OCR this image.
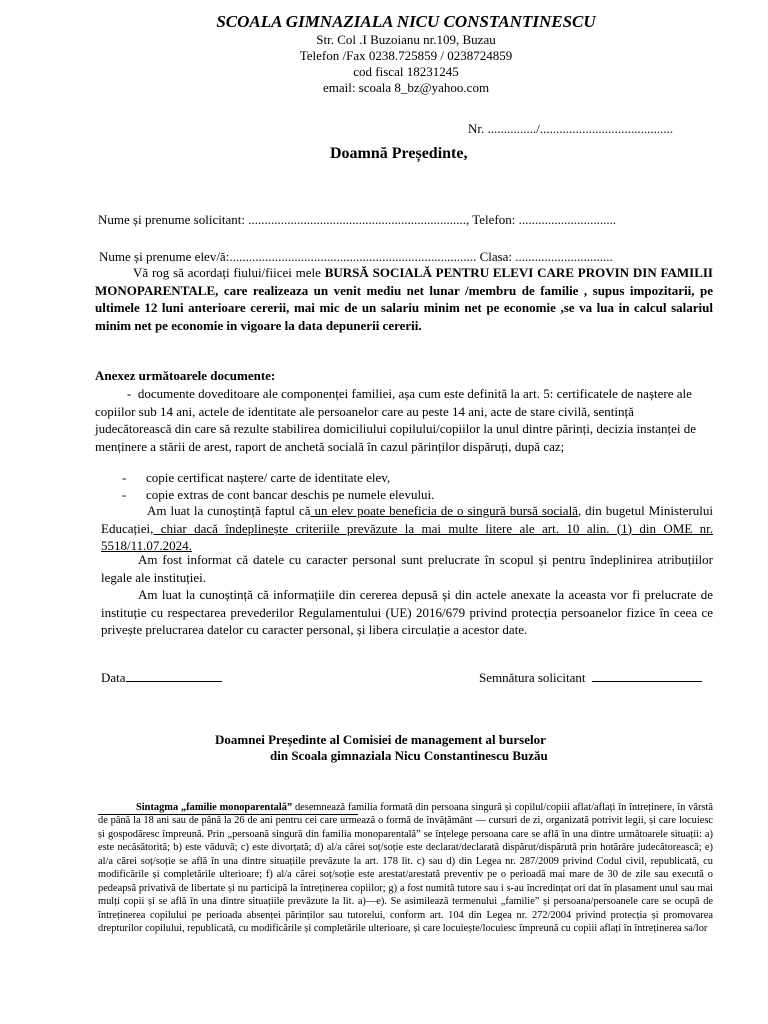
SCOALA GIMNAZIALA NICU CONSTANTINESCU
Str. Col .I Buzoianu nr.109, Buzau
Telefon /Fax 0238.725859 / 0238724859
cod fiscal 18231245
email: scoala 8_bz@yahoo.com
Nr. .............../.........................................
Doamnă Președinte,
Nume și prenume solicitant: ..................................................................., Telefon: ..............................
Nume și prenume elev/ă:............................................................................ Clasa: ..............................
Vă rog să acordați fiului/fiicei mele BURSĂ SOCIALĂ PENTRU ELEVI CARE PROVIN DIN FAMILII MONOPARENTALE, care realizeaza un venit mediu net lunar /membru de familie , supus impozitarii, pe ultimele 12 luni anterioare cererii, mai mic de un salariu minim net pe economie ,se va lua in calcul salariul minim net pe economie in vigoare la data depunerii cererii.
Anexez următoarele documente:
- documente doveditoare ale componenței familiei, așa cum este definită la art. 5: certificatele de naștere ale copiilor sub 14 ani, actele de identitate ale persoanelor care au peste 14 ani, acte de stare civilă, sentință judecătorească din care să rezulte stabilirea domiciliului copilului/copiilor la unul dintre părinți, decizia instanței de menținere a stării de arest, raport de anchetă socială în cazul părinților dispăruți, după caz;
- copie certificat naștere/ carte de identitate elev,
- copie extras de cont bancar deschis pe numele elevului.
Am luat la cunoștință faptul că un elev poate beneficia de o singură bursă socială, din bugetul Ministerului Educației, chiar dacă îndeplinește criteriile prevăzute la mai multe litere ale art. 10 alin. (1) din OME nr. 5518/11.07.2024.
Am fost informat că datele cu caracter personal sunt prelucrate în scopul și pentru îndeplinirea atribuțiilor legale ale instituției.
Am luat la cunoștință că informațiile din cererea depusă și din actele anexate la aceasta vor fi prelucrate de instituție cu respectarea prevederilor Regulamentului (UE) 2016/679 privind protecția persoanelor fizice în ceea ce privește prelucrarea datelor cu caracter personal, și libera circulație a acestor date.
Data	Semnătura solicitant
Doamnei Președinte al Comisiei de management al burselor
din Scoala gimnaziala Nicu Constantinescu Buzău
Sintagma „familie monoparentală” desemnează familia formată din persoana singură și copilul/copiii aflat/aflați în întreținere, în vârstă de până la 18 ani sau de până la 26 de ani pentru cei care urmează o formă de învățământ — cursuri de zi, organizată potrivit legii, și care locuiesc și gospodăresc împreună. Prin „persoană singură din familia monoparentală” se înțelege persoana care se află în una dintre următoarele situații: a) este necăsătorită; b) este văduvă; c) este divorțată; d) al/a cărei soț/soție este declarat/declarată dispărut/dispărută prin hotărâre judecătorească; e) al/a cărei soț/soție se află în una dintre situațiile prevăzute la art. 178 lit. c) sau d) din Legea nr. 287/2009 privind Codul civil, republicată, cu modificările și completările ulterioare; f) al/a cărei soț/soție este arestat/arestată preventiv pe o perioadă mai mare de 30 de zile sau execută o pedeapsă privativă de libertate și nu participă la întreținerea copiilor; g) a fost numită tutore sau i s-au încredințat ori dat în plasament unul sau mai mulți copii și se află în una dintre situațiile prevăzute la lit. a)—e). Se asimilează termenului „familie” și persoana/persoanele care se ocupă de întreținerea copilului pe perioada absenței părinților sau tutorelui, conform art. 104 din Legea nr. 272/2004 privind protecția și promovarea drepturilor copilului, republicată, cu modificările și completările ulterioare, și care locuiește/locuiesc împreună cu copiii aflați în întreținerea sa/lor
